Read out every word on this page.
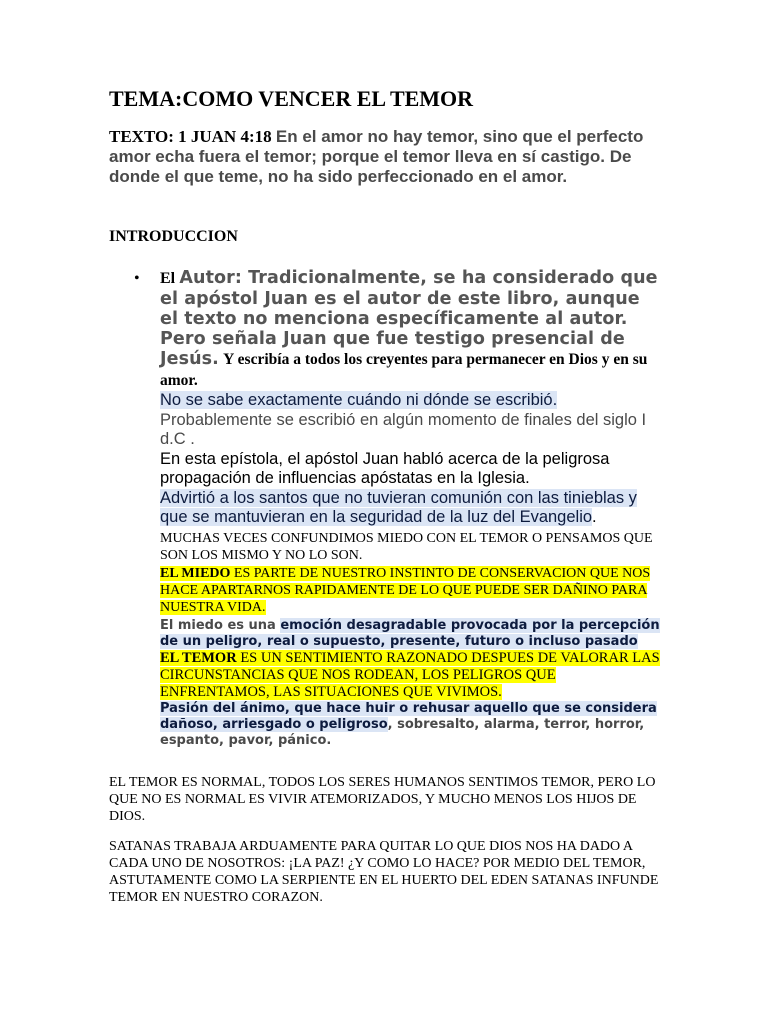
TEMA:COMO VENCER EL TEMOR

TEXTO: 1 JUAN 4:18 En el amor no hay temor, sino que el perfecto amor echa fuera el temor; porque el temor lleva en sí castigo. De donde el que teme, no ha sido perfeccionado en el amor.

INTRODUCCION
• El Autor: Tradicionalmente, se ha considerado que el apóstol Juan es el autor de este libro, aunque el texto no menciona específicamente al autor. Pero señala Juan que fue testigo presencial de Jesús. Y escribía a todos los creyentes para permanecer en Dios y en su amor.

No se sabe exactamente cuándo ni dónde se escribió.
Probablemente se escribió en algún momento de finales del siglo I d.C .

En esta epístola, el apóstol Juan habló acerca de la peligrosa propagación de influencias apóstatas en la Iglesia.

Advirtió a los santos que no tuvieran comunión con las tinieblas y que se mantuvieran en la seguridad de la luz del Evangelio.

MUCHAS VECES CONFUNDIMOS MIEDO CON EL TEMOR O PENSAMOS QUE SON LOS MISMO Y NO LO SON.

EL MIEDO ES PARTE DE NUESTRO INSTINTO DE CONSERVACION QUE NOS HACE APARTARNOS RAPIDAMENTE DE LO QUE PUEDE SER DAÑINO PARA NUESTRA VIDA.

El miedo es una emoción desagradable provocada por la percepción de un peligro, real o supuesto, presente, futuro o incluso pasado

EL TEMOR ES UN SENTIMIENTO RAZONADO DESPUES DE VALORAR LAS CIRCUNSTANCIAS QUE NOS RODEAN, LOS PELIGROS QUE ENFRENTAMOS, LAS SITUACIONES QUE VIVIMOS.

Pasión del ánimo, que hace huir o rehusar aquello que se considera dañoso, arriesgado o peligroso, sobresalto, alarma, terror, horror, espanto, pavor, pánico.

EL TEMOR ES NORMAL, TODOS LOS SERES HUMANOS SENTIMOS TEMOR, PERO LO QUE NO ES NORMAL ES VIVIR ATEMORIZADOS, Y MUCHO MENOS LOS HIJOS DE DIOS.

SATANAS TRABAJA ARDUAMENTE PARA QUITAR LO QUE DIOS NOS HA DADO A CADA UNO DE NOSOTROS: ¡LA PAZ! ¿Y COMO LO HACE? POR MEDIO DEL TEMOR, ASTUTAMENTE COMO LA SERPIENTE EN EL HUERTO DEL EDEN SATANAS INFUNDE TEMOR EN NUESTRO CORAZON.
